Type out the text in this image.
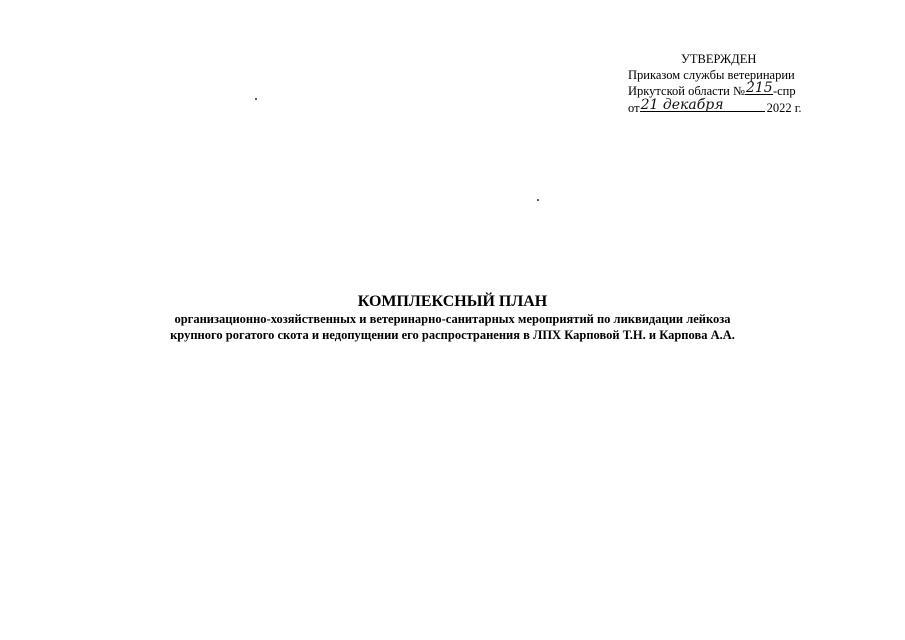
УТВЕРЖДЕН
Приказом службы ветеринарии
Иркутской области № 215 -спр
от 21 декабря	2022 г.
КОМПЛЕКСНЫЙ ПЛАН
организационно-хозяйственных и ветеринарно-санитарных мероприятий по ликвидации лейкоза
крупного рогатого скота и недопущении его распространения в ЛПХ Карповой Т.Н. и Карпова А.А.
